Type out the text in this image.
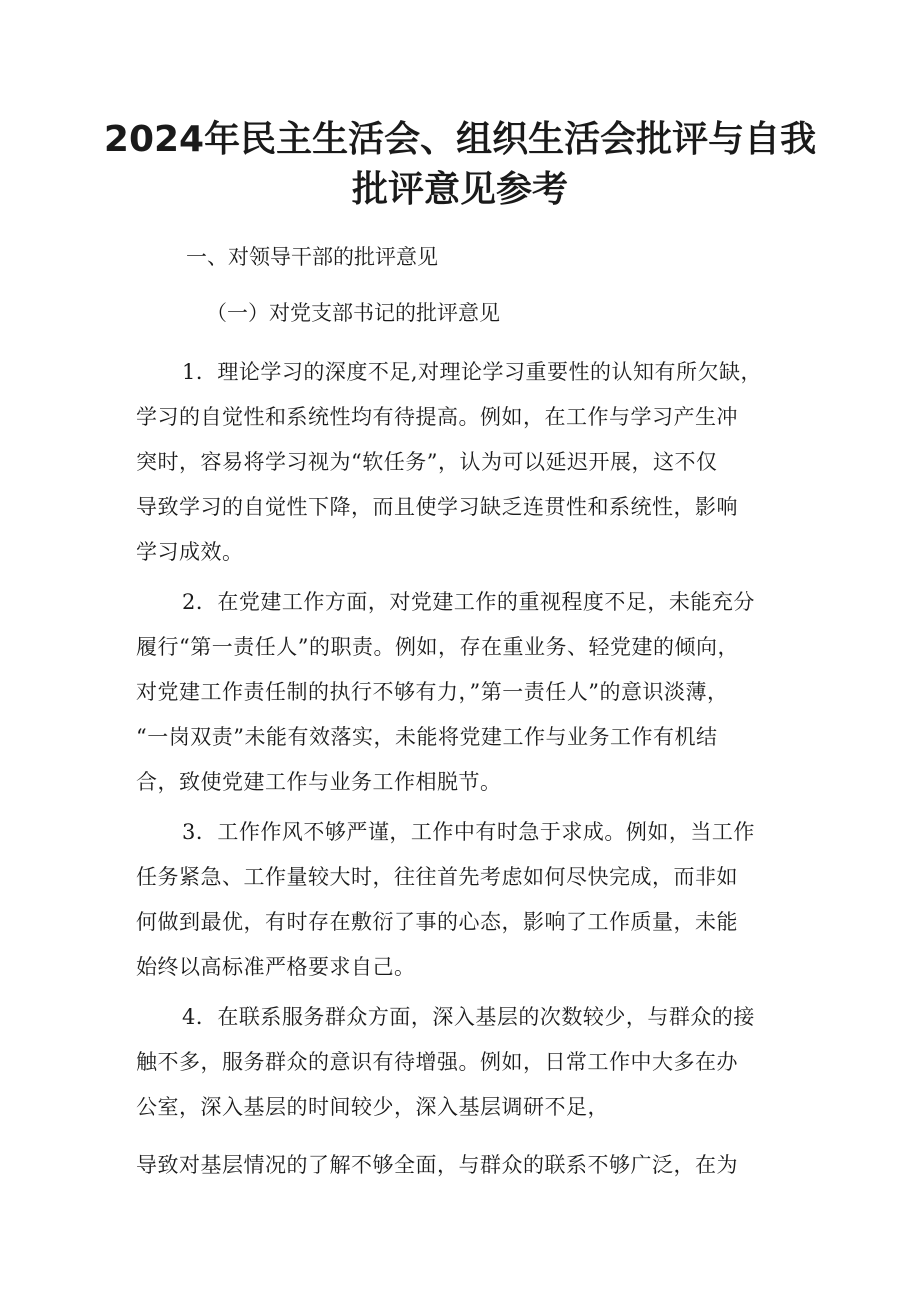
2024年民主生活会、组织生活会批评与自我
批评意见参考

一、对领导干部的批评意见

（一）对党支部书记的批评意见

1．理论学习的深度不足,对理论学习重要性的认知有所欠缺，
学习的自觉性和系统性均有待提高。例如，在工作与学习产生冲
突时，容易将学习视为“软任务”，认为可以延迟开展，这不仅
导致学习的自觉性下降，而且使学习缺乏连贯性和系统性，影响
学习成效。

2．在党建工作方面，对党建工作的重视程度不足，未能充分
履行“第一责任人”的职责。例如，存在重业务、轻党建的倾向，
对党建工作责任制的执行不够有力，”第一责任人”的意识淡薄，
“一岗双责”未能有效落实，未能将党建工作与业务工作有机结
合，致使党建工作与业务工作相脱节。

3．工作作风不够严谨，工作中有时急于求成。例如，当工作
任务紧急、工作量较大时，往往首先考虑如何尽快完成，而非如
何做到最优，有时存在敷衍了事的心态，影响了工作质量，未能
始终以高标准严格要求自己。

4．在联系服务群众方面，深入基层的次数较少，与群众的接
触不多，服务群众的意识有待增强。例如，日常工作中大多在办
公室，深入基层的时间较少，深入基层调研不足，

导致对基层情况的了解不够全面，与群众的联系不够广泛，在为
